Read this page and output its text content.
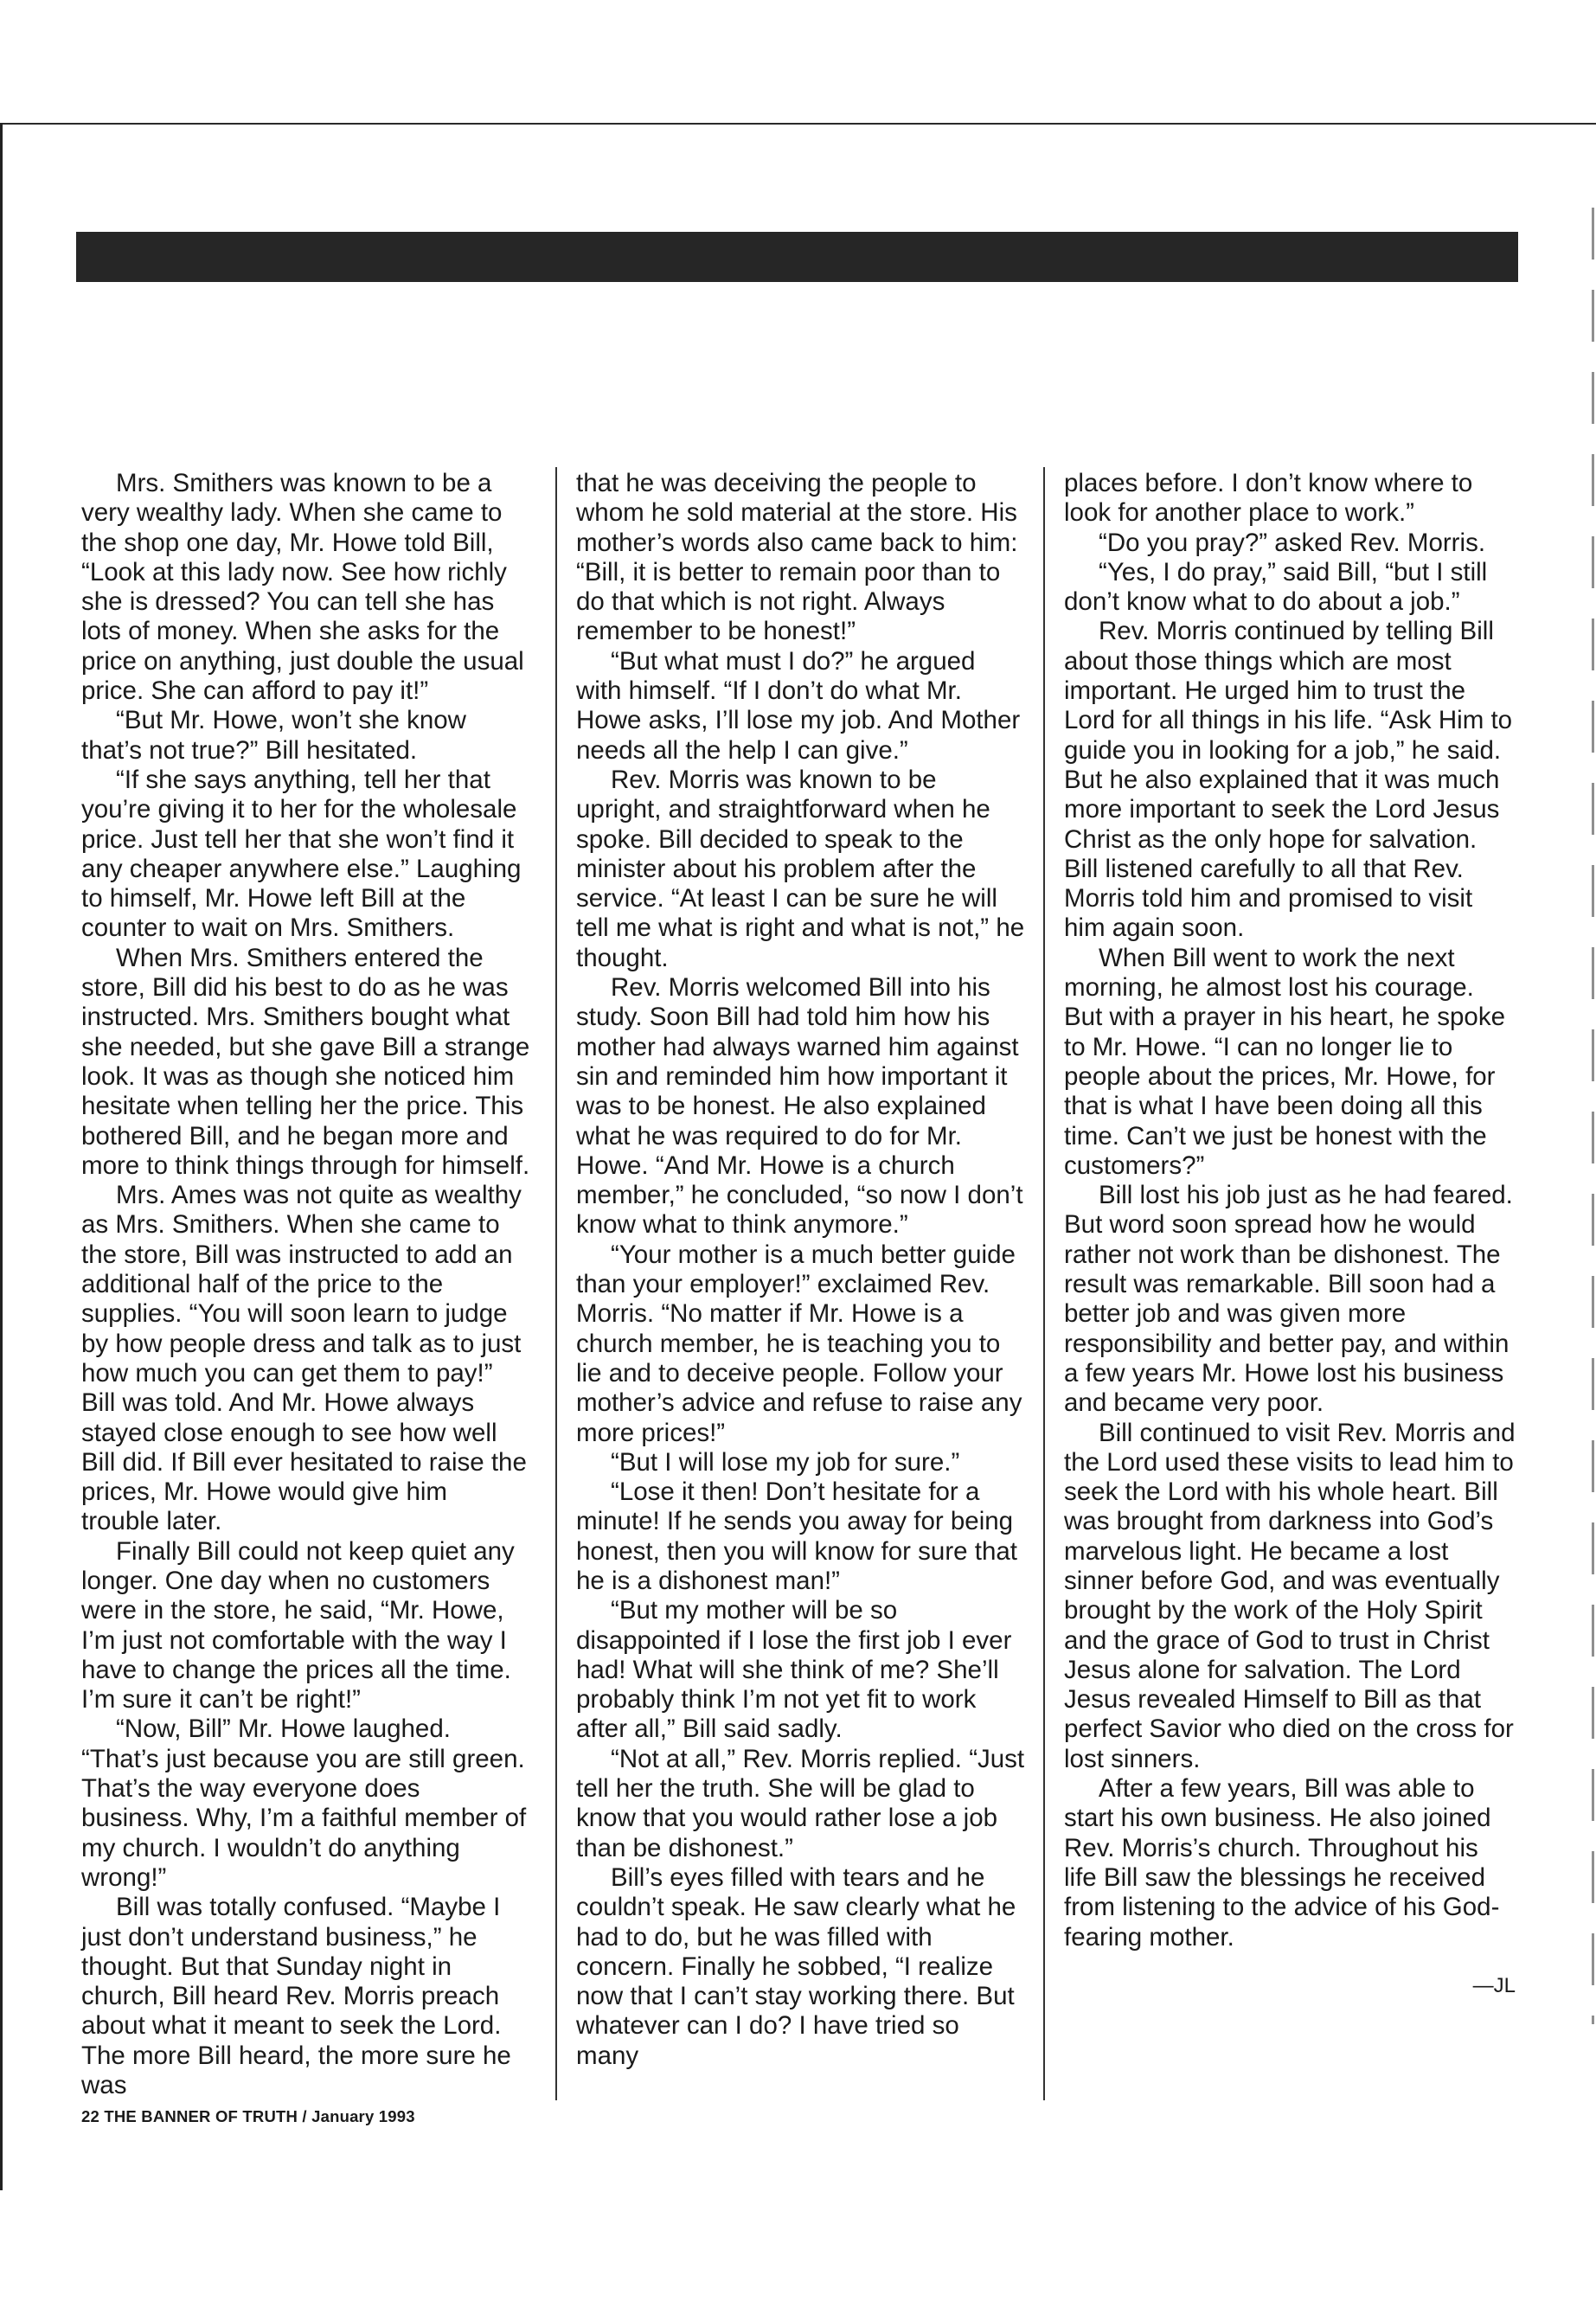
Mrs. Smithers was known to be a very wealthy lady. When she came to the shop one day, Mr. Howe told Bill, “Look at this lady now. See how richly she is dressed? You can tell she has lots of money. When she asks for the price on anything, just double the usual price. She can afford to pay it!”

“But Mr. Howe, won’t she know that’s not true?” Bill hesitated.

“If she says anything, tell her that you’re giving it to her for the wholesale price. Just tell her that she won’t find it any cheaper anywhere else.” Laughing to himself, Mr. Howe left Bill at the counter to wait on Mrs. Smithers.

When Mrs. Smithers entered the store, Bill did his best to do as he was instructed. Mrs. Smithers bought what she needed, but she gave Bill a strange look. It was as though she noticed him hesitate when telling her the price. This bothered Bill, and he began more and more to think things through for himself.

Mrs. Ames was not quite as wealthy as Mrs. Smithers. When she came to the store, Bill was instructed to add an additional half of the price to the supplies. “You will soon learn to judge by how people dress and talk as to just how much you can get them to pay!” Bill was told. And Mr. Howe always stayed close enough to see how well Bill did. If Bill ever hesitated to raise the prices, Mr. Howe would give him trouble later.

Finally Bill could not keep quiet any longer. One day when no customers were in the store, he said, “Mr. Howe, I’m just not comfortable with the way I have to change the prices all the time. I’m sure it can’t be right!”

“Now, Bill” Mr. Howe laughed. “That’s just because you are still green. That’s the way everyone does business. Why, I’m a faithful member of my church. I wouldn’t do anything wrong!”

Bill was totally confused. “Maybe I just don’t understand business,” he thought. But that Sunday night in church, Bill heard Rev. Morris preach about what it meant to seek the Lord. The more Bill heard, the more sure he was

that he was deceiving the people to whom he sold material at the store. His mother’s words also came back to him: “Bill, it is better to remain poor than to do that which is not right. Always remember to be honest!”

“But what must I do?” he argued with himself. “If I don’t do what Mr. Howe asks, I’ll lose my job. And Mother needs all the help I can give.”

Rev. Morris was known to be upright, and straightforward when he spoke. Bill decided to speak to the minister about his problem after the service. “At least I can be sure he will tell me what is right and what is not,” he thought.

Rev. Morris welcomed Bill into his study. Soon Bill had told him how his mother had always warned him against sin and reminded him how important it was to be honest. He also explained what he was required to do for Mr. Howe. “And Mr. Howe is a church member,” he concluded, “so now I don’t know what to think anymore.”

“Your mother is a much better guide than your employer!” exclaimed Rev. Morris. “No matter if Mr. Howe is a church member, he is teaching you to lie and to deceive people. Follow your mother’s advice and refuse to raise any more prices!”

“But I will lose my job for sure.”

“Lose it then! Don’t hesitate for a minute! If he sends you away for being honest, then you will know for sure that he is a dishonest man!”

“But my mother will be so disappointed if I lose the first job I ever had! What will she think of me? She’ll probably think I’m not yet fit to work after all,” Bill said sadly.

“Not at all,” Rev. Morris replied. “Just tell her the truth. She will be glad to know that you would rather lose a job than be dishonest.”

Bill’s eyes filled with tears and he couldn’t speak. He saw clearly what he had to do, but he was filled with concern. Finally he sobbed, “I realize now that I can’t stay working there. But whatever can I do? I have tried so many

places before. I don’t know where to look for another place to work.”

“Do you pray?” asked Rev. Morris.

“Yes, I do pray,” said Bill, “but I still don’t know what to do about a job.”

Rev. Morris continued by telling Bill about those things which are most important. He urged him to trust the Lord for all things in his life. “Ask Him to guide you in looking for a job,” he said. But he also explained that it was much more important to seek the Lord Jesus Christ as the only hope for salvation. Bill listened carefully to all that Rev. Morris told him and promised to visit him again soon.

When Bill went to work the next morning, he almost lost his courage. But with a prayer in his heart, he spoke to Mr. Howe. “I can no longer lie to people about the prices, Mr. Howe, for that is what I have been doing all this time. Can’t we just be honest with the customers?”

Bill lost his job just as he had feared. But word soon spread how he would rather not work than be dishonest. The result was remarkable. Bill soon had a better job and was given more responsibility and better pay, and within a few years Mr. Howe lost his business and became very poor.

Bill continued to visit Rev. Morris and the Lord used these visits to lead him to seek the Lord with his whole heart. Bill was brought from darkness into God’s marvelous light. He became a lost sinner before God, and was eventually brought by the work of the Holy Spirit and the grace of God to trust in Christ Jesus alone for salvation. The Lord Jesus revealed Himself to Bill as that perfect Savior who died on the cross for lost sinners.

After a few years, Bill was able to start his own business. He also joined Rev. Morris’s church. Throughout his life Bill saw the blessings he received from listening to the advice of his God-fearing mother.

—JL

22 THE BANNER OF TRUTH / January 1993
